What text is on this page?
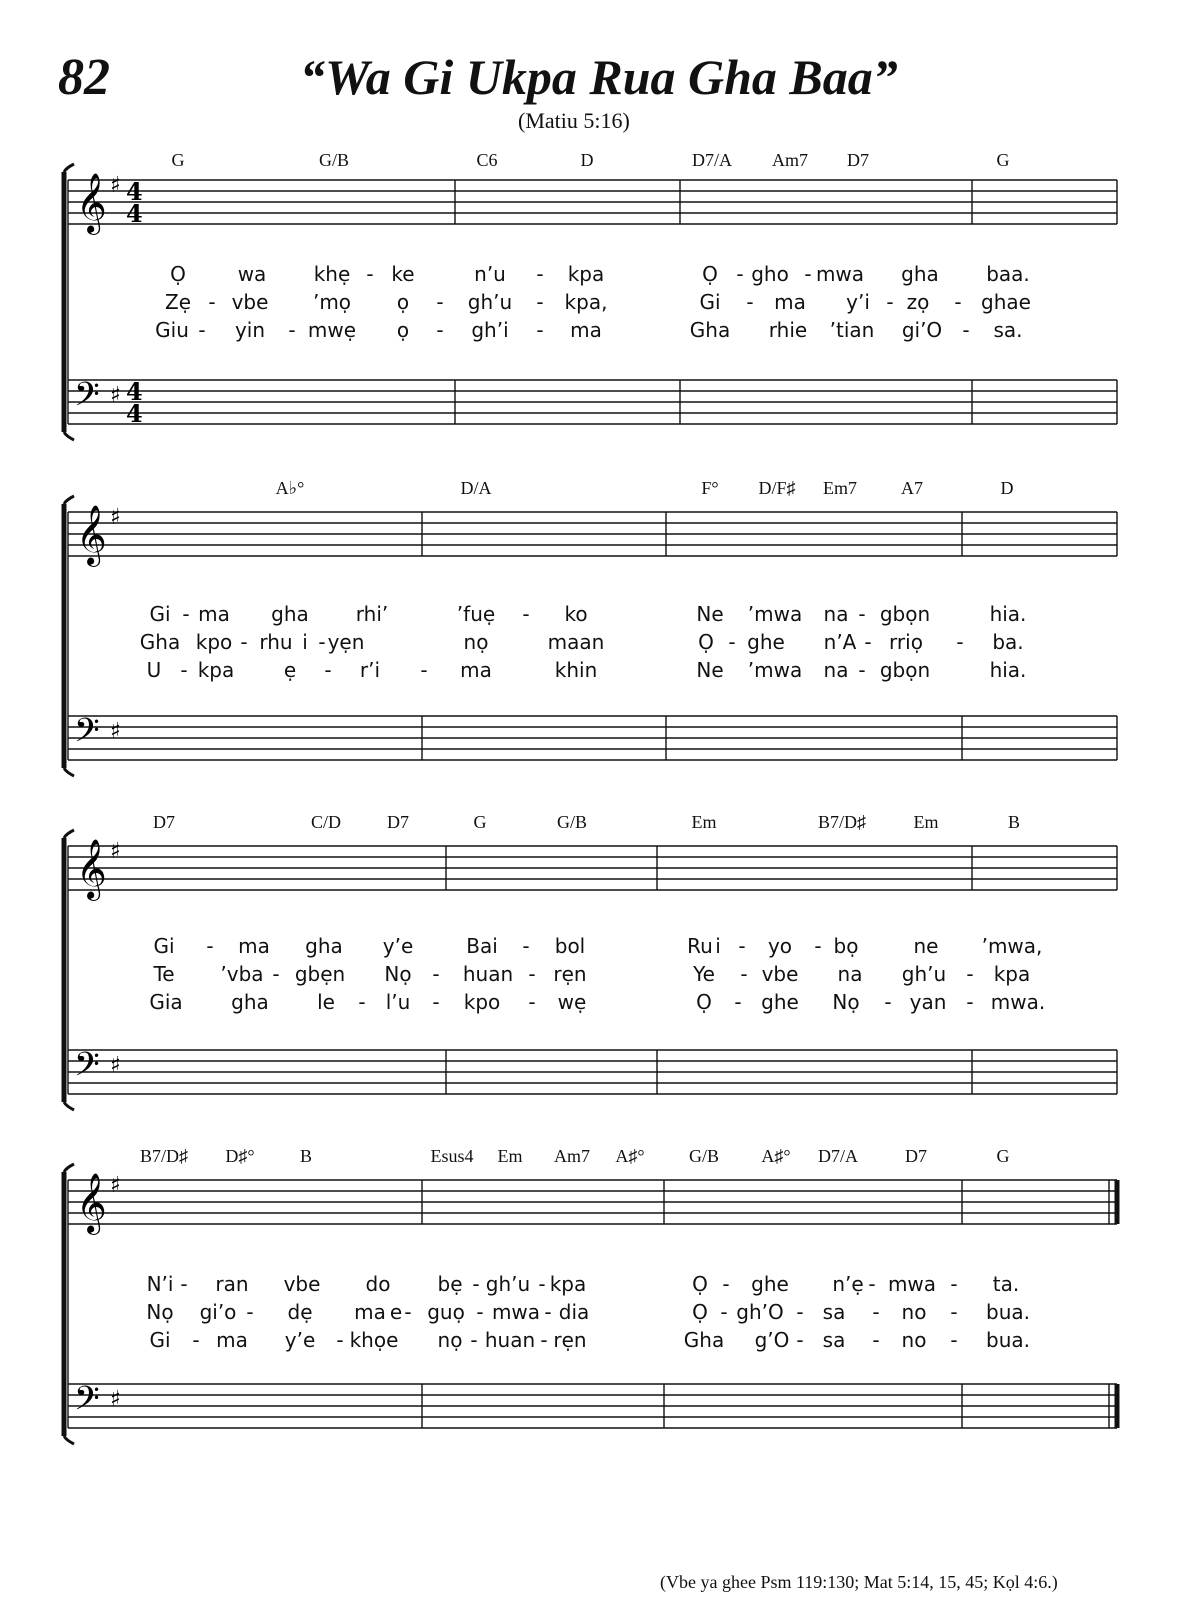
82	“Wa Gi Ukpa Rua Gha Baa”
(Matiu 5:16)
𝄞
𝄢
♯
♯
4
4
4
4
G	G/B	C6	D	D7/A Am7 D7	G
Ọ	wa khẹ - ke	n’u - kpa	Ọ - gho - mwa gha baa.
Zẹ - vbe ’mọ ọ - gh’u - kpa,	Gi - ma y’i - zọ - ghae
Giu - yin - mwẹ ọ - gh’i - ma	Gha rhie ’tian gi’O - sa.
𝄞
𝄢
♯
♯
A♭°	D/A	F° D/F♯ Em7 A7	D
Gi - ma gha rhi’	’fuẹ - ko	Ne ’mwa na - gbọn	hia.
Gha kpo - rhu i - yẹn	nọ	maan	Ọ - ghe n’A - rriọ - ba.
U - kpa ẹ - r’i - ma	khin	Ne ’mwa na - gbọn	hia.
𝄞
𝄢
♯
♯
D7	C/D	D7	G	G/B	Em	B7/D♯	Em	B
Gi - ma gha y’e	Bai - bol	Ru i - yo - bọ	ne ’mwa,
Te ’vba - gbẹn Nọ - huan - rẹn	Ye - vbe na gh’u - kpa
Gia gha le - l’u - kpo - wẹ	Ọ - ghe Nọ - yan - mwa.
𝄞
𝄢
♯
♯
B7/D♯ D♯°	B	Esus4 Em Am7 A♯° G/B A♯° D7/A	D7	G
N’i - ran vbe do bẹ - gh’u - kpa	Ọ - ghe n’ẹ - mwa - ta.
Nọ gi’o - dẹ ma e - guọ - mwa - dia	Ọ - gh’O - sa - no - bua.
Gi - ma y’e - khọe nọ - huan - rẹn	Gha g’O - sa - no - bua.
(Vbe ya ghee Psm 119:130; Mat 5:14, 15, 45; Kọl 4:6.)
